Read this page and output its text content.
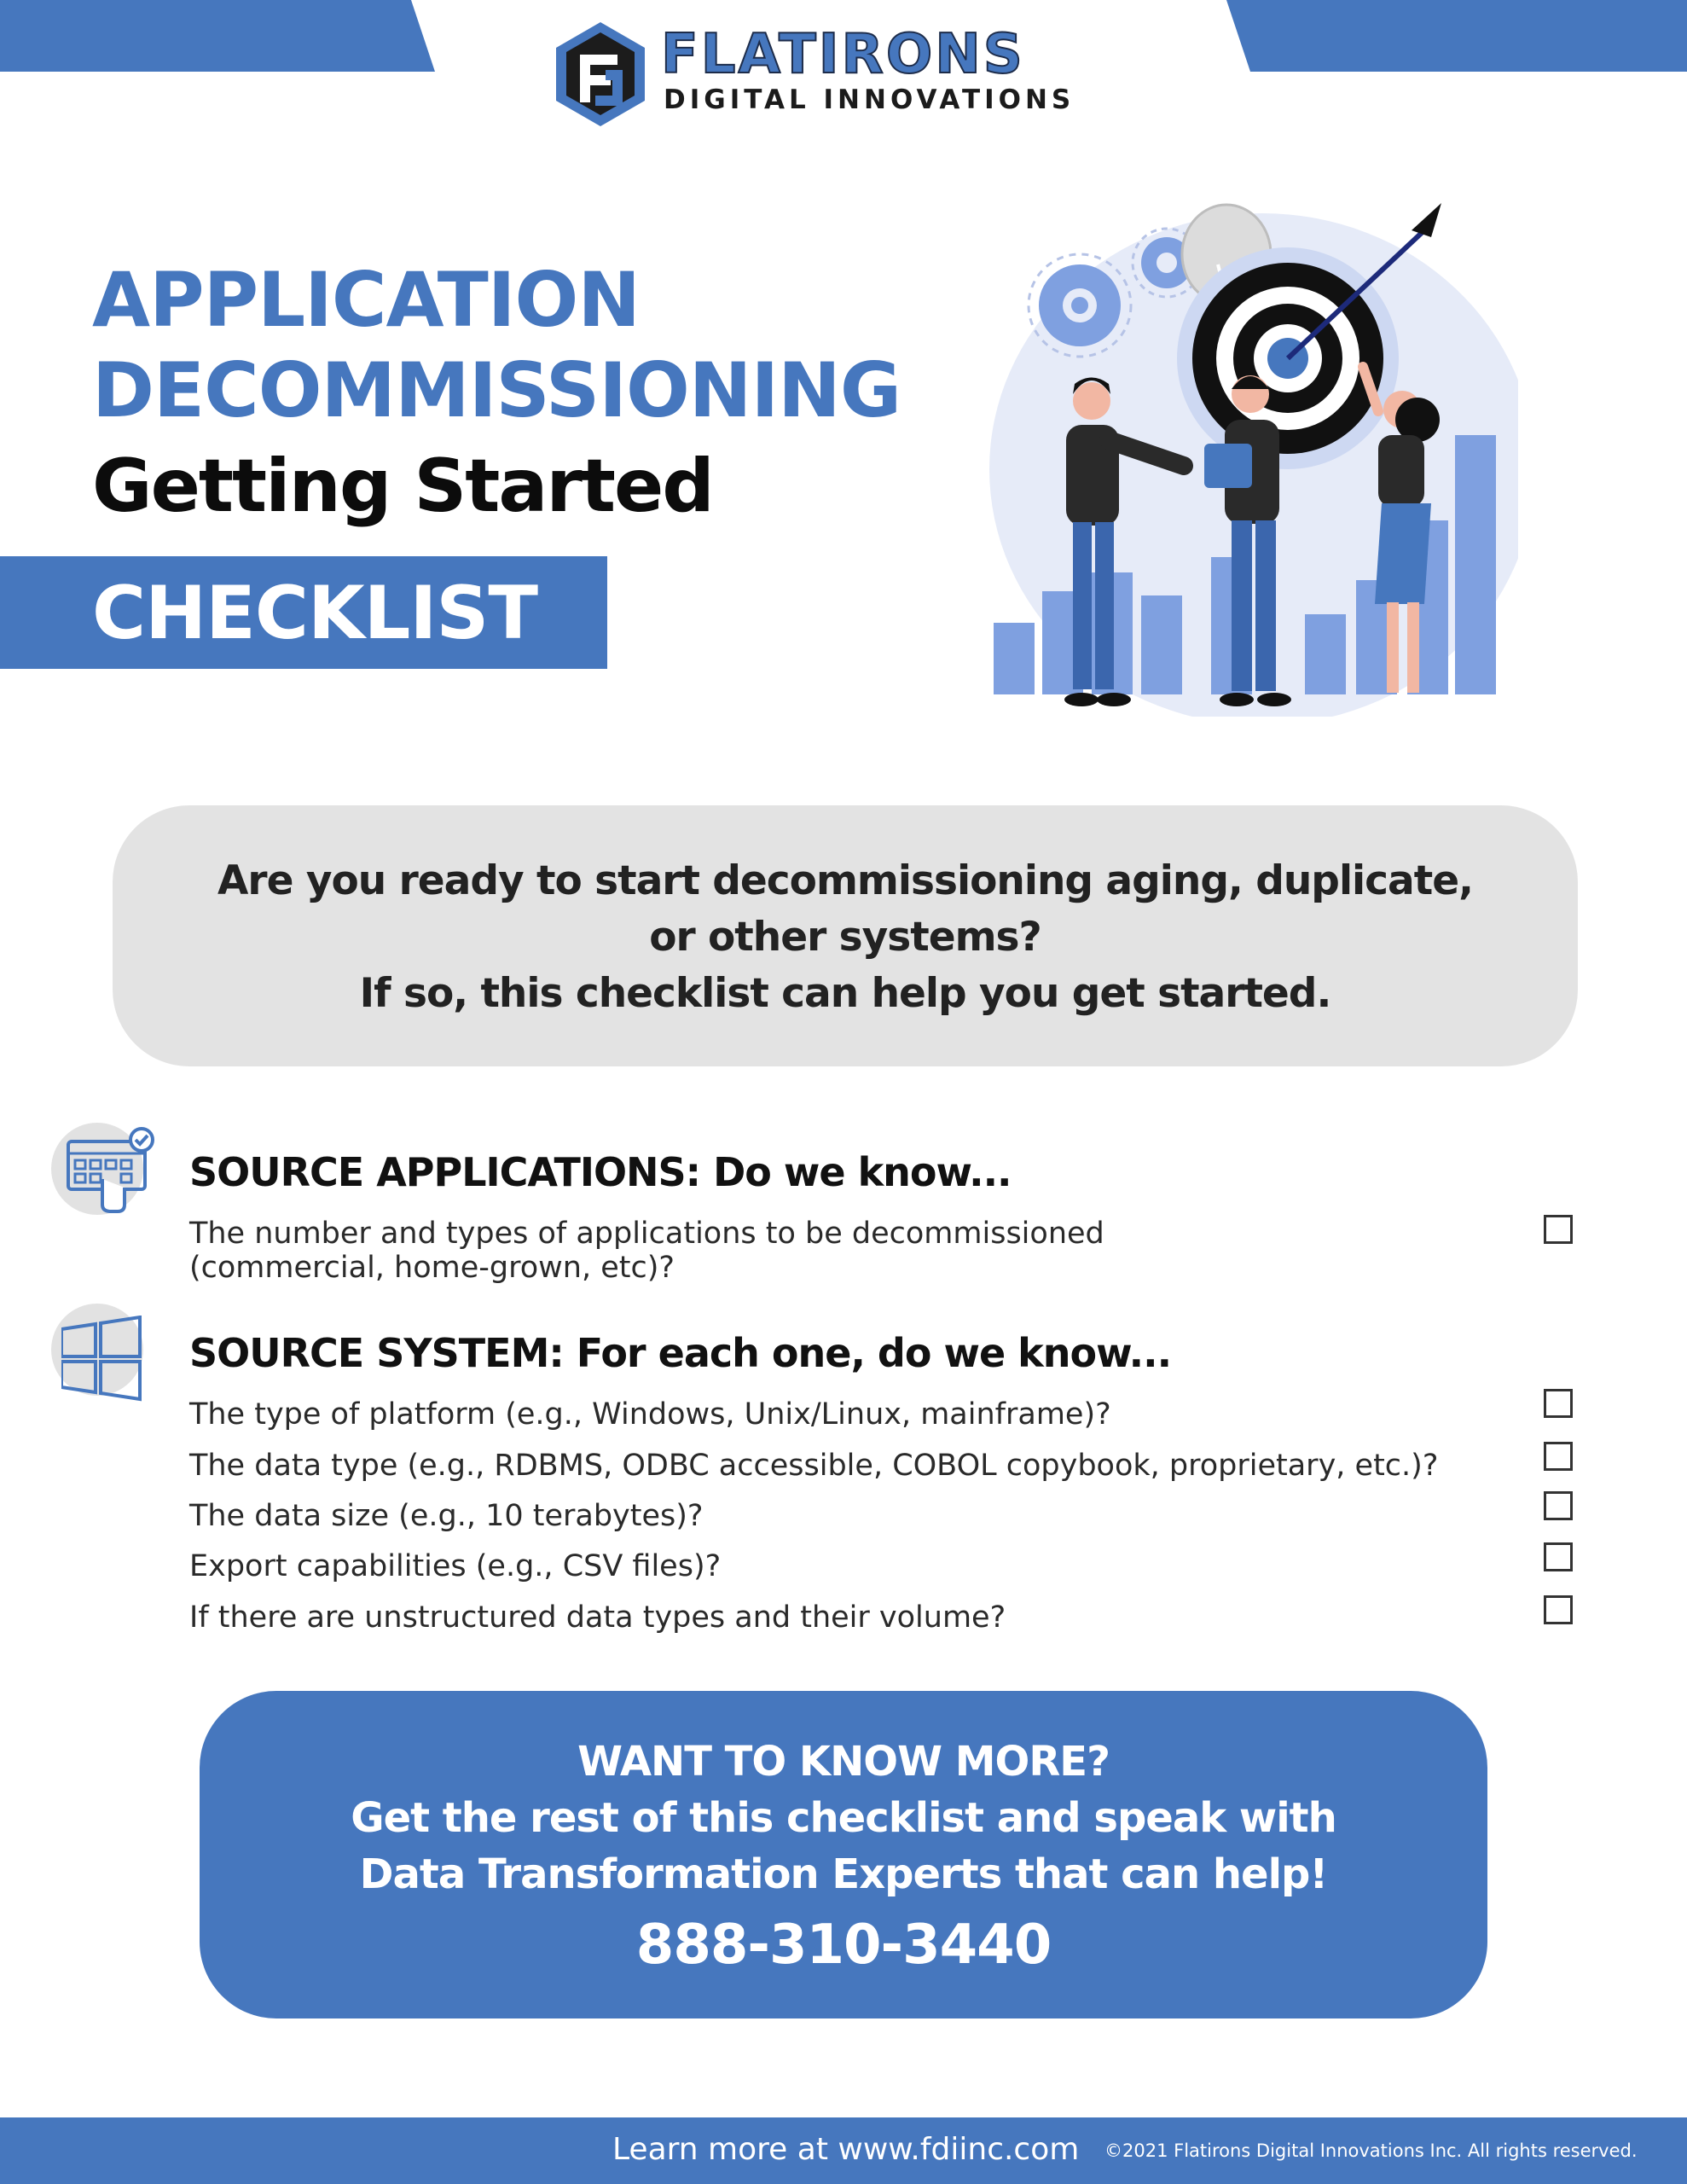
FLATIRONS
DIGITAL INNOVATIONS
APPLICATION
DECOMMISSIONING
Getting Started
CHECKLIST
Are you ready to start decommissioning aging, duplicate,
or other systems?
If so, this checklist can help you get started.
SOURCE APPLICATIONS: Do we know...
The number and types of applications to be decommissioned
(commercial, home-grown, etc)?
SOURCE SYSTEM: For each one, do we know...
The type of platform (e.g., Windows, Unix/Linux, mainframe)?
The data type (e.g., RDBMS, ODBC accessible, COBOL copybook, proprietary, etc.)?
The data size (e.g., 10 terabytes)?
Export capabilities (e.g., CSV files)?
If there are unstructured data types and their volume?
WANT TO KNOW MORE?
Get the rest of this checklist and speak with
Data Transformation Experts that can help!
888-310-3440
Learn more at www.fdiinc.com ©2021 Flatirons Digital Innovations Inc. All rights reserved.
